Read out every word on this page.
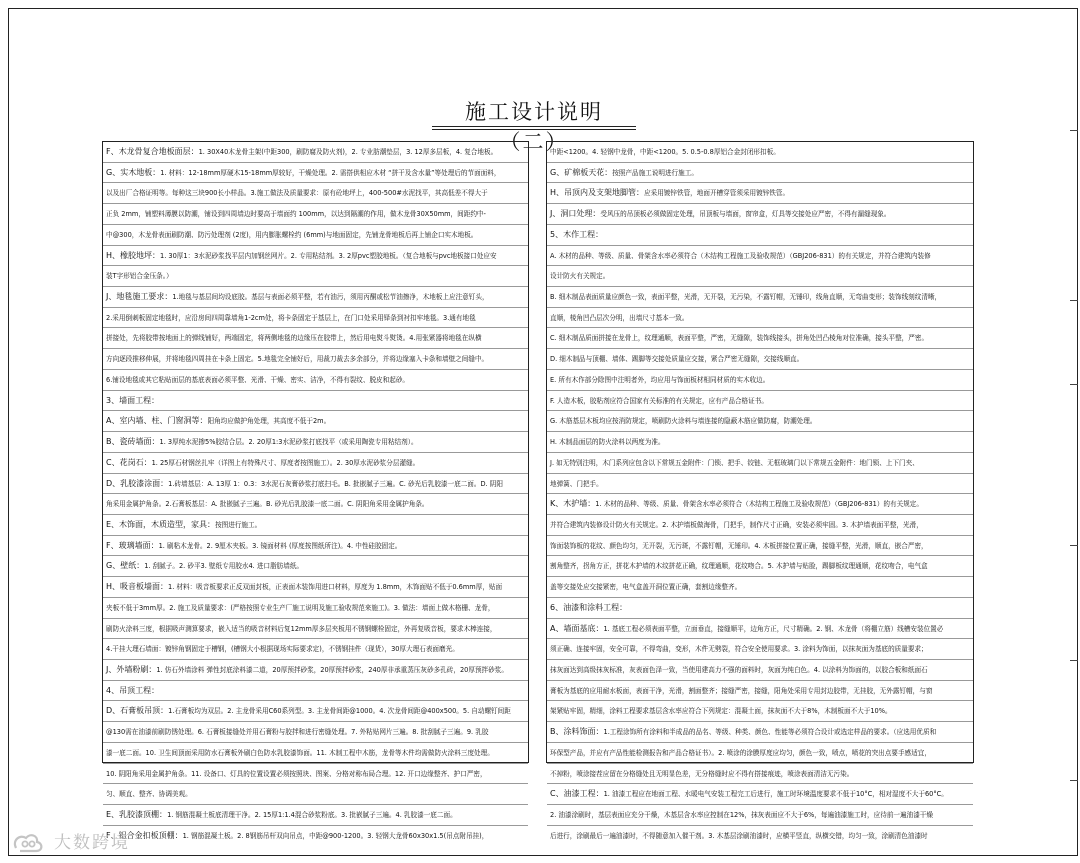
施工设计说明（二）
F、木龙骨复合地板面层：1. 30X40木龙骨主架(中距300，刷防腐及防火剂)，2. 专业肪潮垫层，3. 12厚多层板，4. 复合地板。
G、实木地板：1. 材料：12-18mm厚硬木15-18mm厚较好，干燥处理。2. 需搭供相应木材 “拼干及含水量”等处理后的节面面料，
以及出厂合格证明等。每种这三块900长小样品。3.施工做法及质量要求：原有砼地坪上，400-500#水泥找平，其高低差不得大于
正负 2mm，铺塑料薄膜以防潮，铺设到四周墙边时要高于墙面约 100mm，以达到隔潮的作用，做木龙骨30X50mm，间距约中-
中@300，木龙骨表面刷防潮、防污处理剂 (2度)，用内膨胀螺栓约 (6mm)与地面固定，先铺龙骨地板后再上铺企口实木地板。
H、橡胶地坪：1. 30厚1：3水泥砂浆找平层内加钢丝网片。2. 专用粘结剂。3. 2厚pvc塑胶地板。（复合地板与pvc地板接口处应安
装T字形铝合金压条。）
J、地毯施工要求：1.地毯与基层间均设底胶。基层与表面必须平整，若有油污，须用丙酮或松节油擦净，木地板上应注意钉头，
2.采用倒刺板固定地毯时，应沿房间四周靠墙角1-2cm处，将卡条固定于基层上，在门口处采用铎条到衬扣牢地毯。3.通有地毯
拼接处，先将胶带按地面上的弹线铺好，两端固定，将两侧地毯的边缘压在胶带上，然后用电熨斗熨烫。4.用张紧器将地毯在纵横
方向逐段推移伸展，并将地毯四周挂在卡条上固定。5.地毯完全铺好后，用裁刀裁去多余部分，并将边缘塞入卡条和墙壁之间缝中。
6.铺设地毯或其它粘贴面层的基底表面必须平整、光滑、干燥、密实、洁净，不得有裂纹、脱皮和起砂。
3、墙面工程：
A、室内墙、柱、门窗洞等：阳角均应做护角处理，其高度不低于2m。
B、瓷砖墙面：1. 3厚纯水泥掺5%胶结合层。2. 20厚1:3水泥砂浆打底找平（或采用陶瓷专用粘结剂）。
C、花岗石：1. 25厚石材钢丝扎牢（详图上有特殊尺寸、厚度者按图施工）。2. 30厚水泥砂浆分层灌缝。
D、乳胶漆涂面：1.砖墙基层：A. 13厚 1：0.3：3水泥石灰膏砂浆打底扫毛。B. 批嵌腻子三遍。C. 砂光后乳胶漆一底二面。D. 阴阳
角采用金属护角条。2.石膏板基层：A. 批嵌腻子三遍。B. 砂光后乳胶漆一底二面。C. 阴阳角采用金属护角条。
E、木饰面，木质造型，家具：按图进行施工。
F、玻璃墙面：1. 刷粘木龙骨。2. 9厘木夹板。3. 镜面材料 (厚度按图纸所注)。4. 中性硅胶固定。
G、壁纸：1. 刮腻子。2. 砂平3. 壁纸专用胶水4. 进口脂肪墙纸。
H、吸音板墙面：1. 材料：吸音板要求正反双面封板，正表面木装饰用进口材料，厚度为 1.8mm，木饰面贴不低于0.6mm厚，贴面
夹板不低于3mm厚。2. 施工及质量要求：(严格按照专业生产厂施工说明及施工验收规范来施工)。3. 做法：墙面上做木格栅、龙骨，
刷防火涂料三度，根据吸声测算要求，嵌入适当的吸音材料后复12mm厚多层夹板用不锈钢螺栓固定，外再复吸音板，要求木棒连接，
4.干挂大理石墙面：镀锌角钢固定于槽钢，(槽钢大小根据现场实际要求定)，不锈钢挂件（现货），30厚大理石表面磨光。
J、外墙粉刷：1. 仿石外墙涂料 弹性封底涂料漆二道，20厚预拌砂浆，20厚预拌砂浆，240厚非承重蒸压灰砂多孔砖，20厚预拌砂浆。
4、吊顶工程：
D、石膏板吊顶：1.石膏板均为双层。2. 主龙骨采用C60系列型。3. 主龙骨间距@1000。4. 次龙骨间距@400x500。5. 自动螺钉间距
@130需在油漆前刷防锈处理。6. 石膏板接缝处并用石膏粉与胶拌和进行密缝处理。7. 外粘贴网片三遍。8. 批刮腻子三遍。9. 乳胶
漆一底二面。10. 卫生间顶面采用防水石膏板外刷白色防水乳胶漆饰面。11. 木制工程中木筋，龙骨等木件均需做防火涂料三度处理。
10. 阴阳角采用金属护角条。11. 设备口、灯具的位置设置必须按照块、图案、分格对称布局合理。12. 开口边缘整齐、护口严密，
匀、顺直、整齐、协调美观。
E、乳胶漆顶棚：1. 钢筋混凝土板底清理干净。2. 15厚1:1.4混合砂浆粉底。3. 批嵌腻子三遍。4. 乳胶漆一底二面。
F、铝合金扣板顶棚：1. 钢筋混凝土板。2. 8钢筋吊杆双向吊点，中距@900-1200。3. 轻钢大龙骨60x30x1.5(吊点附吊挂)，
中距<1200。4. 轻钢中龙骨，中距<1200。5. 0.5-0.8厚铝合金封闭形扣板。
G、矿棉板天花：按照产品施工说明进行施工。
H、吊顶内及支架地脚管：应采用镀锌铁管，地面开槽穿管须采用镀锌铁管。
J、洞口处理：受风压的吊顶板必须做固定处理，吊顶板与墙面，窗帘盒，灯具等交接处应严密，不得有漏缝现象。
5、木作工程：
A. 木材的品种、等级、质量、骨架含水率必须符合（木结构工程施工及验收规范）（GBJ206-831）的有关规定，并符合建筑内装修
设计防火有关规定。
B. 细木制品表面质量应颜色一致，表面平整，光滑，无开裂，无污染，不露钉帽，无锤印，线角直顺，无弯曲变形；装饰线刻纹清晰，
直顺，棱角凹凸层次分明，出墙尺寸基本一致。
C. 细木制品质面拼接在龙骨上，纹理通顺，表面平整，严密，无缝隙，装饰线接头，拼角处凹凸棱角对位准确，接头平整，严密。
D. 细木制品与顶棚、墙体、踢脚等交接处质量应交接，紧合严密无缝隙，交接线顺直。
E. 所有木作部分除图中注明者外，均应用与饰面板材相同材质的实木收边。
F. 人造木板，胶粘剂应符合国家有关标准的有关规定，应有产品合格证书。
G. 木筋基层木板均应按消防规定，喷刷防火涂料与墙连接的隐蔽木筋应做防腐，防潮处理。
H. 木制品面层的防火涂料以两度为准。
J. 如无特别注明，木门系列应包含以下常规五金附件：门锁、把手、铰链、无框玻璃门以下常规五金附件：地门锁、上下门夹、
地弹簧、门把手。
K、木护墙：1. 木材的品种、等级、质量、骨架含水率必须符合（木结构工程施工及验收规范）（GBJ206-831）的有关规定。
并符合建筑内装修设计防火有关规定。2. 木护墙板做海骨，门把手，制作尺寸正确，安装必须牢固。3. 木护墙表面平整，光滑，
饰面装饰板的花纹、颜色均匀，无开裂，无污斑，不露钉帽，无锤印。4. 木板拼接位置正确，接缝平整，光滑，顺直，嵌合严密，
割角整齐，拐角方正，拼花木护墙的木纹拼花正确，纹理通顺，花纹吻合。5. 木护墙与贴脸，踢脚板纹理通顺，花纹吻合，电气盒
盖等交接处应交接紧密，电气盒盖开洞位置正确，套割边缘整齐。
6、油漆和涂料工程：
A、墙面基底：1. 基底工程必须表面平整，立面垂直，接缝顺平，边角方正，尺寸精确。2. 钢、木龙骨（将棚立筋）线槽安装位置必
须正确、连接牢固，安全可靠，不得弯曲，变形，木件无劈裂，符合安全使用要求。3. 涂料为饰面，以抹灰面为基底的质量要求；
抹灰面达到高级抹灰标准，灰表面色泽一致，当使用建高力不强的面料时，灰面为纯白色。4. 以涂料为饰面的，以胶合板和纸面石
膏板为基底的应用耐水板面，表面干净，光滑，割面整齐；接缝严密，接缝，阳角处采用专用封边胶带，无挂胶，无外露钉帽，与窗
架紧贴牢固，精细，涂料工程要求基层含水率应符合下列规定：混凝土面，抹灰面不大于8%，木制板面不大于10%。
B、涂料饰面：1.工程涂饰所有涂料和半成品的品名、等级、种类、颜色、性能等必须符合设计或选定样品的要求。（应选用优质和
环保型产品，并应有产品性能检测报告和产品合格证书）。2. 喷涂的涂膜厚度应均匀，颜色一致，喷点，喷花的突出点要手感适宜，
不掉粉，喷涂接茬应留在分格缝处且无明显色差，无分格缝时应不得有搭接痕迹，喷涂表面清洁无污染。
C、油漆工程：1. 油漆工程应在地面工程、水暖电气安装工程完工后进行，施工时环境温度要求不低于10°C，相对湿度不大于60°C。
2. 油漆涂刷时，基层表面应充分干燥，木基层含水率应控制在12%，抹灰表面应不大于6%，每遍油漆施工时，应待前一遍油漆干燥
后进行，涂刷最后一遍油漆时，不得随意加入催干剂。3. 木基层涂刷油漆时，应横平竖直，纵横交错，均匀一致，涂刷清色油漆时
大数跨境
